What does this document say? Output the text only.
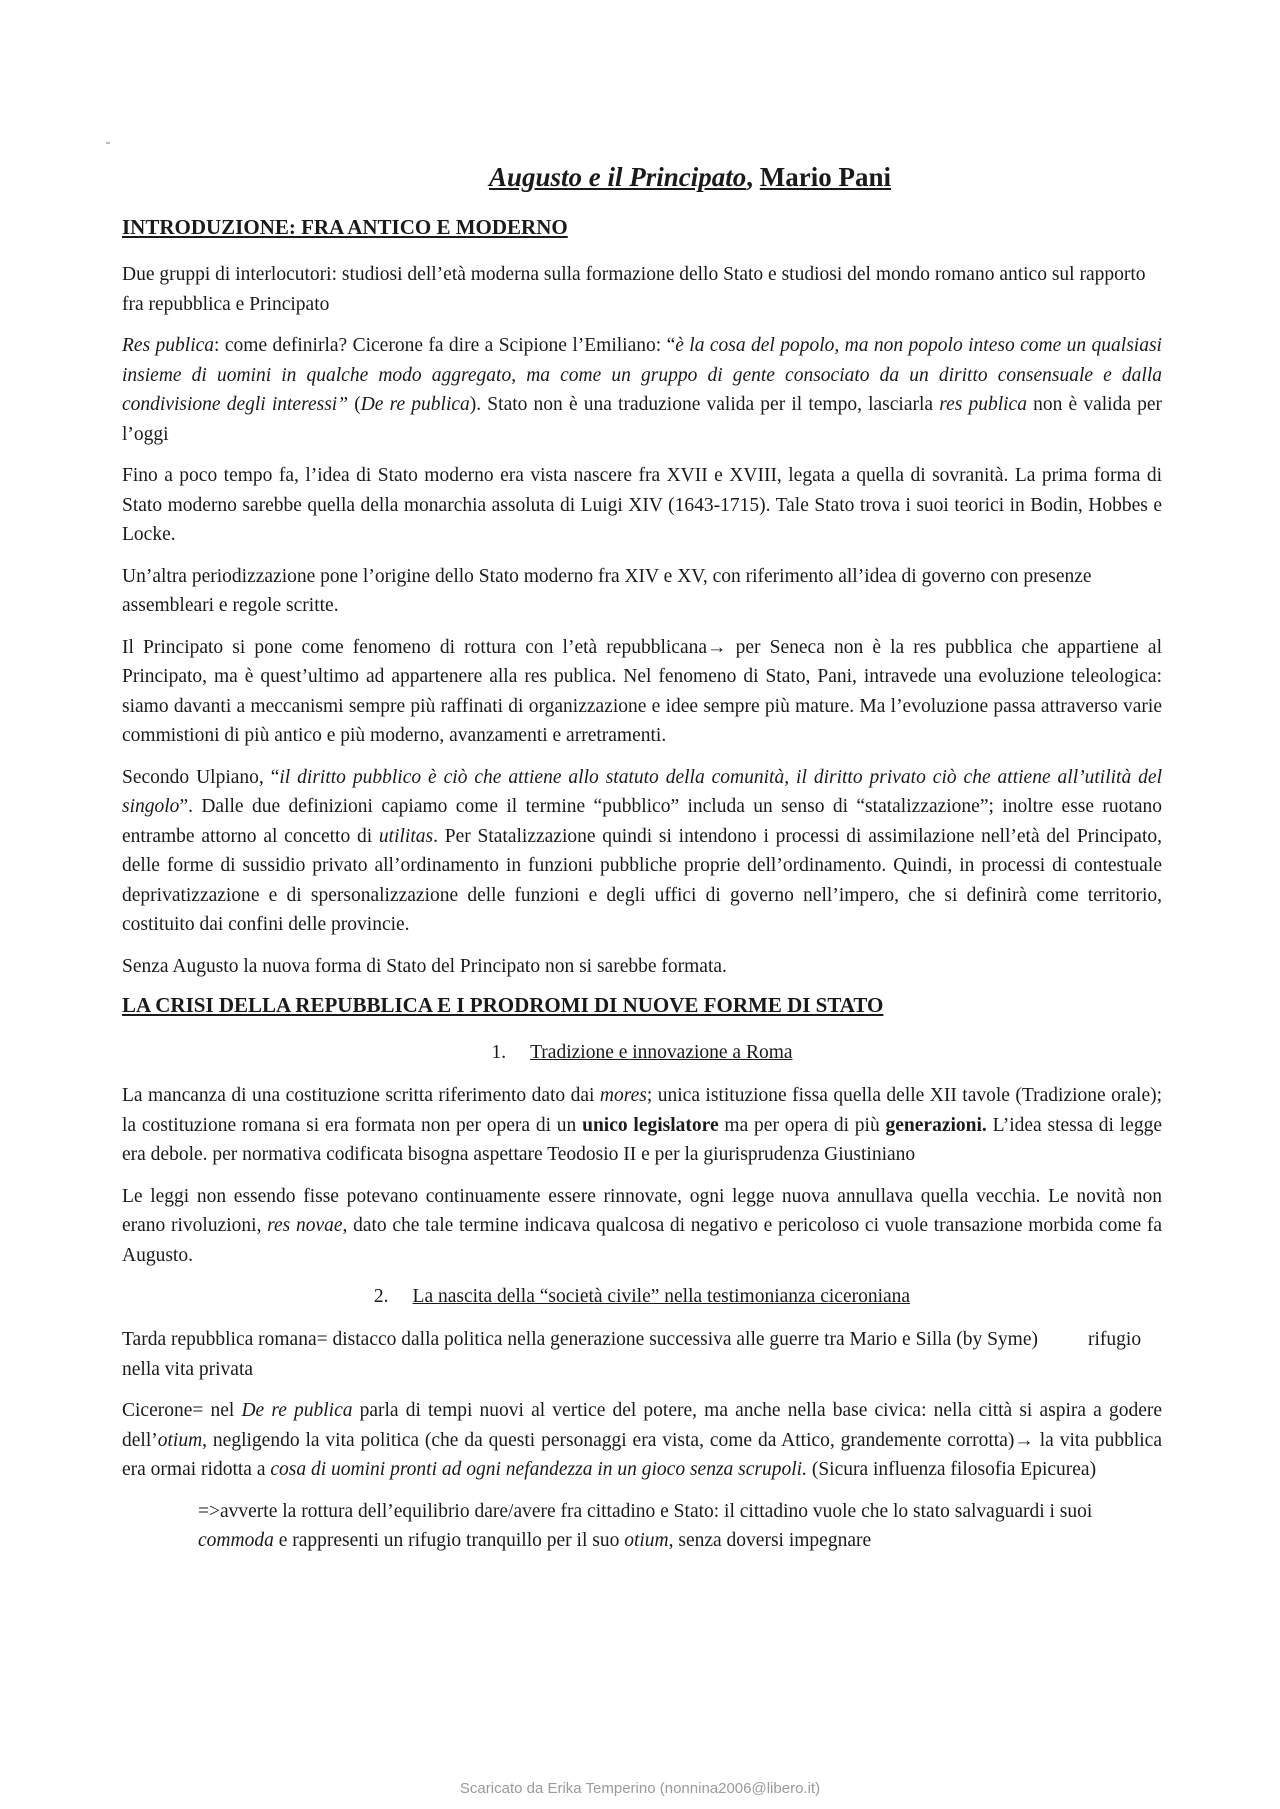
Augusto e il Principato, Mario Pani
INTRODUZIONE: FRA ANTICO E MODERNO

Due gruppi di interlocutori: studiosi dell’età moderna sulla formazione dello Stato e studiosi del mondo romano antico sul rapporto fra repubblica e Principato

Res publica: come definirla? Cicerone fa dire a Scipione l’Emiliano: “è la cosa del popolo, ma non popolo inteso come un qualsiasi insieme di uomini in qualche modo aggregato, ma come un gruppo di gente consociato da un diritto consensuale e dalla condivisione degli interessi” (De re publica). Stato non è una traduzione valida per il tempo, lasciarla res publica non è valida per l’oggi

Fino a poco tempo fa, l’idea di Stato moderno era vista nascere fra XVII e XVIII, legata a quella di sovranità. La prima forma di Stato moderno sarebbe quella della monarchia assoluta di Luigi XIV (1643-1715). Tale Stato trova i suoi teorici in Bodin, Hobbes e Locke.

Un’altra periodizzazione pone l’origine dello Stato moderno fra XIV e XV, con riferimento all’idea di governo con presenze assembleari e regole scritte.

Il Principato si pone come fenomeno di rottura con l’età repubblicana→ per Seneca non è la res pubblica che appartiene al Principato, ma è quest’ultimo ad appartenere alla res publica. Nel fenomeno di Stato, Pani, intravede una evoluzione teleologica: siamo davanti a meccanismi sempre più raffinati di organizzazione e idee sempre più mature. Ma l’evoluzione passa attraverso varie commistioni di più antico e più moderno, avanzamenti e arretramenti.

Secondo Ulpiano, “il diritto pubblico è ciò che attiene allo statuto della comunità, il diritto privato ciò che attiene all’utilità del singolo”. Dalle due definizioni capiamo come il termine “pubblico” includa un senso di “statalizzazione”; inoltre esse ruotano entrambe attorno al concetto di utilitas. Per Statalizzazione quindi si intendono i processi di assimilazione nell’età del Principato, delle forme di sussidio privato all’ordinamento in funzioni pubbliche proprie dell’ordinamento. Quindi, in processi di contestuale deprivatizzazione e di spersonalizzazione delle funzioni e degli uffici di governo nell’impero, che si definirà come territorio, costituito dai confini delle provincie.

Senza Augusto la nuova forma di Stato del Principato non si sarebbe formata.

LA CRISI DELLA REPUBBLICA E I PRODROMI DI NUOVE FORME DI STATO
1. Tradizione e innovazione a Roma

La mancanza di una costituzione scritta riferimento dato dai mores; unica istituzione fissa quella delle XII tavole (Tradizione orale); la costituzione romana si era formata non per opera di un unico legislatore ma per opera di più generazioni. L’idea stessa di legge era debole. per normativa codificata bisogna aspettare Teodosio II e per la giurisprudenza Giustiniano

Le leggi non essendo fisse potevano continuamente essere rinnovate, ogni legge nuova annullava quella vecchia. Le novità non erano rivoluzioni, res novae, dato che tale termine indicava qualcosa di negativo e pericoloso ci vuole transazione morbida come fa Augusto.

2. La nascita della “società civile” nella testimonianza ciceroniana

Tarda repubblica romana= distacco dalla politica nella generazione successiva alle guerre tra Mario e Silla (by Syme)	rifugio nella vita privata

Cicerone= nel De re publica parla di tempi nuovi al vertice del potere, ma anche nella base civica: nella città si aspira a godere dell’otium, negligendo la vita politica (che da questi personaggi era vista, come da Attico, grandemente corrotta)→ la vita pubblica era ormai ridotta a cosa di uomini pronti ad ogni nefandezza in un gioco senza scrupoli. (Sicura influenza filosofia Epicurea)

=>avverte la rottura dell’equilibrio dare/avere fra cittadino e Stato: il cittadino vuole che lo stato salvaguardi i suoi commoda e rappresenti un rifugio tranquillo per il suo otium, senza doversi impegnare

Scaricato da Erika Temperino (nonnina2006@libero.it)
